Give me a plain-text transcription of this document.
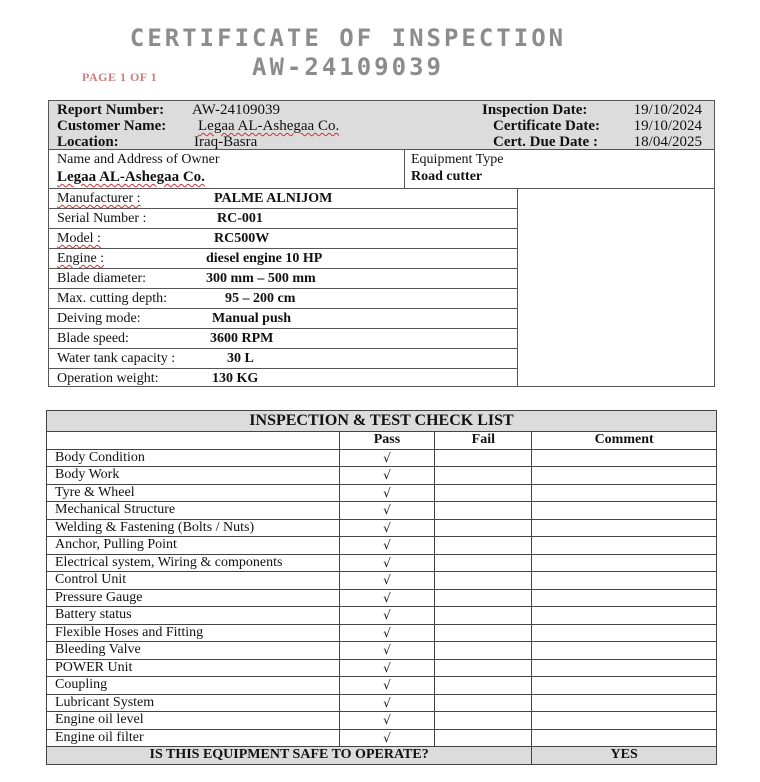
CERTIFICATE OF INSPECTION
AW-24109039
PAGE 1 OF 1
Report Number: AW-24109039	Inspection Date:	19/10/2024
Customer Name: Legaa AL-Ashegaa Co.	Certificate Date: 19/10/2024
Location:	Iraq-Basra	Cert. Due Date : 18/04/2025
Name and Address of Owner
Legaa AL-Ashegaa Co.
Equipment Type
Road cutter
Manufacturer :	PALME ALNIJOM
Serial Number :	RC-001
Model :	RC500W
Engine :	diesel engine 10 HP
Blade diameter:	300 mm – 500 mm
Max. cutting depth:	95 – 200 cm
Deiving mode:	Manual push
Blade speed:	3600 RPM
Water tank capacity :	30 L
Operation weight:	130 KG
INSPECTION & TEST CHECK LIST			
	Pass	Fail	Comment
Body Condition	√		
Body Work	√		
Tyre & Wheel	√		
Mechanical Structure	√		
Welding & Fastening (Bolts / Nuts)	√		
Anchor, Pulling Point	√		
Electrical system, Wiring & components	√		
Control Unit	√		
Pressure Gauge	√		
Battery status	√		
Flexible Hoses and Fitting	√		
Bleeding Valve	√		
POWER Unit	√		
Coupling	√		
Lubricant System	√		
Engine oil level	√		
Engine oil filter	√		
IS THIS EQUIPMENT SAFE TO OPERATE?			YES
